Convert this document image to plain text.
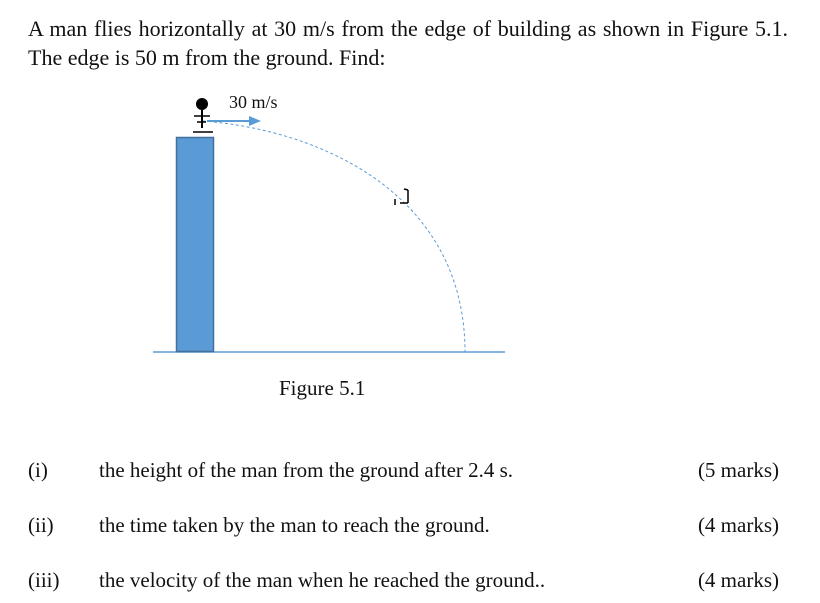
A man flies horizontally at 30 m/s from the edge of building as shown in Figure 5.1. The edge is 50 m from the ground. Find:

30 m/s
Figure 5.1
(i) the height of the man from the ground after 2.4 s.	(5 marks)
(ii) the time taken by the man to reach the ground.	(4 marks)
(iii) the velocity of the man when he reached the ground..	(4 marks)
